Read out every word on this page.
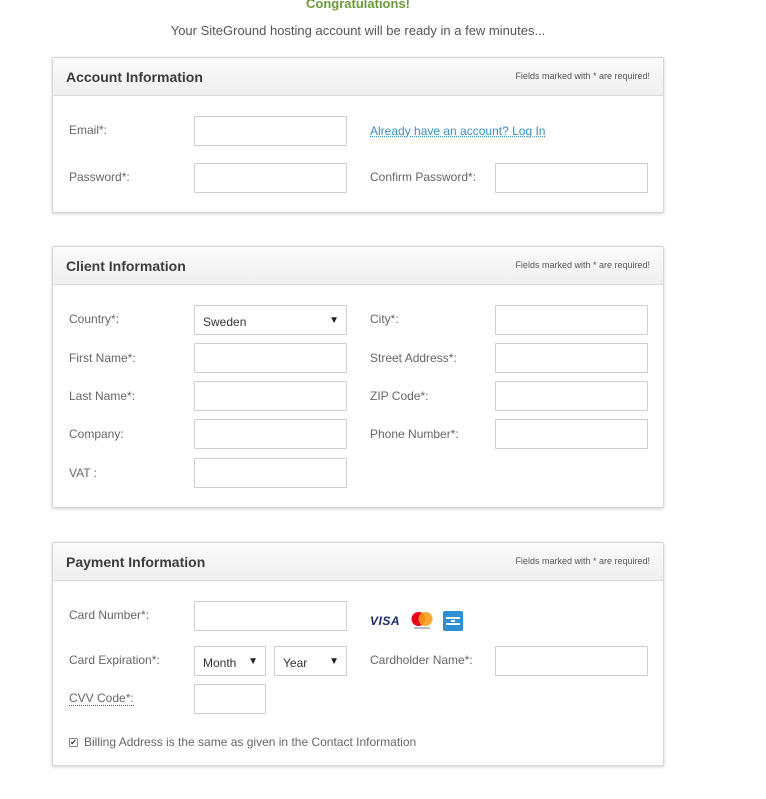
Congratulations!
Your SiteGround hosting account will be ready in a few minutes...
Account Information	Fields marked with * are required!
Email*:	Already have an account? Log In
Password*:	Confirm Password*:
Client Information	Fields marked with * are required!
Country*:	Sweden	▼	City*:
First Name*:	Street Address*:
Last Name*:	ZIP Code*:
Company:	Phone Number*:
VAT :
Payment Information	Fields marked with * are required!
Card Number*:	VISA
Card Expiration*:	Month ▼	Year ▼	Cardholder Name*:
CVV Code*:
✔ Billing Address is the same as given in the Contact Information
